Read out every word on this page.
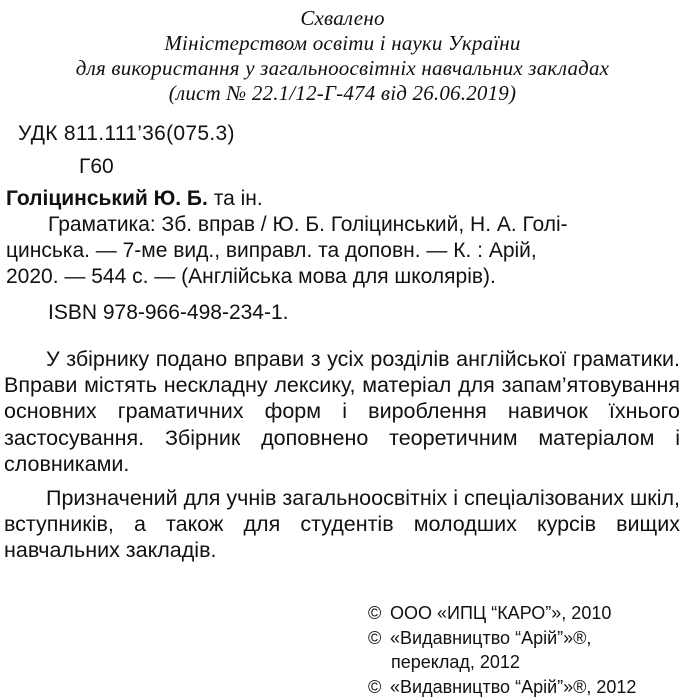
Схвалено
Міністерством освіти і науки України
для використання у загальноосвітніх навчальних закладах
(лист № 22.1/12-Г-474 від 26.06.2019)
УДК 811.111’36(075.3)
Г60
Голіцинський Ю. Б. та ін.
Граматика: Зб. вправ / Ю. Б. Голіцинський, Н. А. Голі-
цинська. — 7-ме вид., виправл. та доповн. — К. : Арій,
2020. — 544 с. — (Англійська мова для школярів).
ISBN 978-966-498-234-1.

У збірнику подано вправи з усіх розділів англійської граматики. Вправи містять нескладну лексику, матеріал для запам’ятовування основних граматичних форм і вироблення навичок їхнього застосування. Збірник доповнено теоретичним матеріалом і словниками.

Призначений для учнів загальноосвітніх і спеціалізованих шкіл, вступників, а також для студентів молодших курсів вищих навчальних закладів.

© ООО «ИПЦ “КАРО”», 2010
© «Видавництво “Арій”»®,
переклад, 2012
© «Видавництво “Арій”»®, 2012
